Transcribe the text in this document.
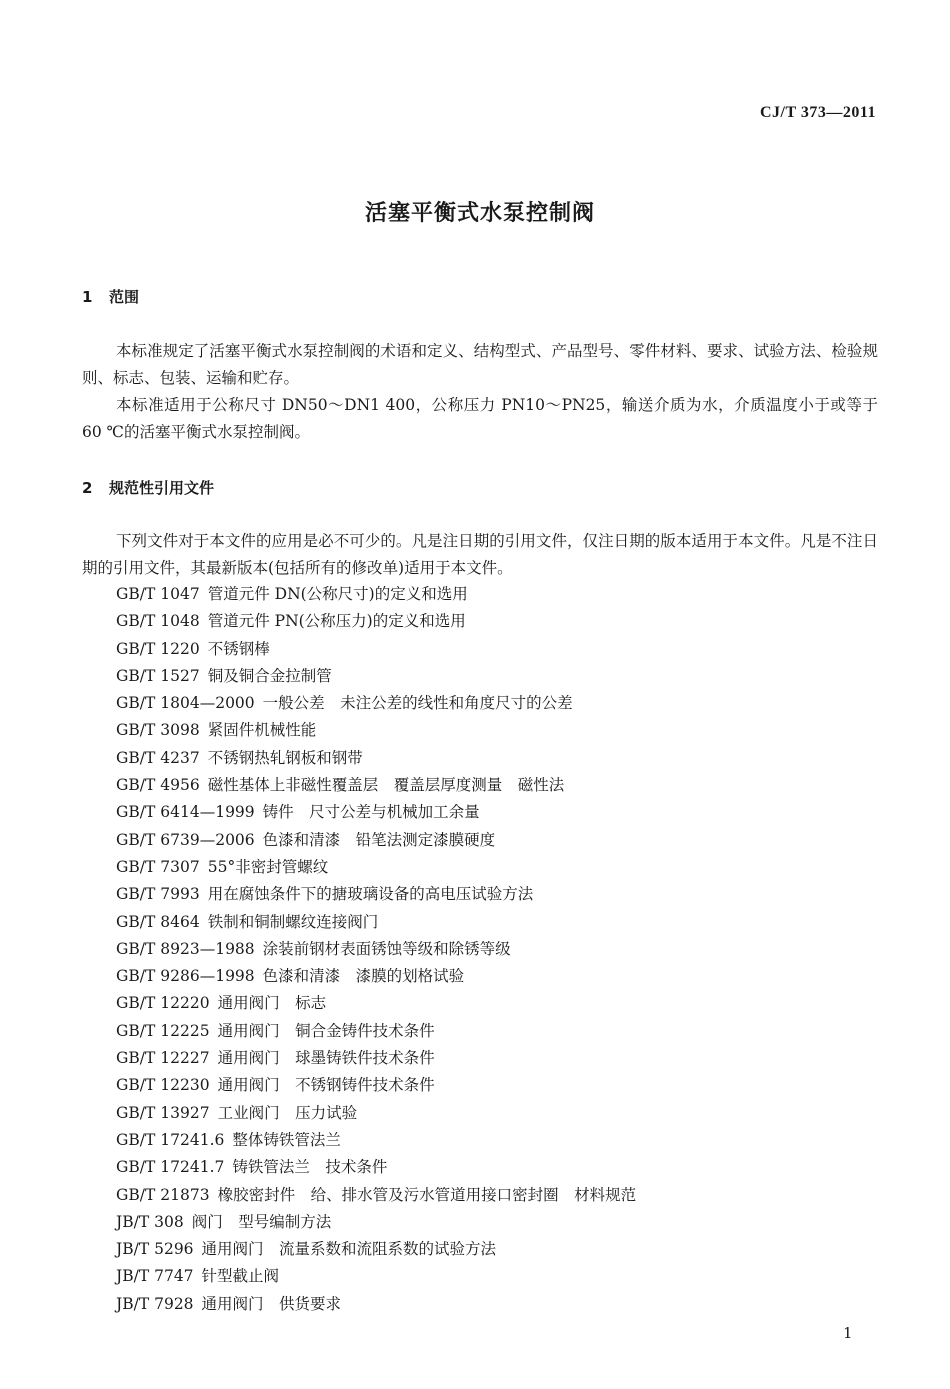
CJ/T 373—2011
活塞平衡式水泵控制阀
1 范围

本标准规定了活塞平衡式水泵控制阀的术语和定义、结构型式、产品型号、零件材料、要求、试验方法、检验规则、标志、包装、运输和贮存。

本标准适用于公称尺寸 DN50～DN1 400，公称压力 PN10～PN25，输送介质为水，介质温度小于或等于 60 ℃的活塞平衡式水泵控制阀。

2 规范性引用文件

下列文件对于本文件的应用是必不可少的。凡是注日期的引用文件，仅注日期的版本适用于本文件。凡是不注日期的引用文件，其最新版本(包括所有的修改单)适用于本文件。

GB/T 1047 管道元件 DN(公称尺寸)的定义和选用
GB/T 1048 管道元件 PN(公称压力)的定义和选用
GB/T 1220 不锈钢棒
GB/T 1527 铜及铜合金拉制管
GB/T 1804—2000 一般公差　未注公差的线性和角度尺寸的公差
GB/T 3098 紧固件机械性能
GB/T 4237 不锈钢热轧钢板和钢带
GB/T 4956 磁性基体上非磁性覆盖层　覆盖层厚度测量　磁性法
GB/T 6414—1999 铸件　尺寸公差与机械加工余量
GB/T 6739—2006 色漆和清漆　铅笔法测定漆膜硬度
GB/T 7307 55°非密封管螺纹
GB/T 7993 用在腐蚀条件下的搪玻璃设备的高电压试验方法
GB/T 8464 铁制和铜制螺纹连接阀门
GB/T 8923—1988 涂装前钢材表面锈蚀等级和除锈等级
GB/T 9286—1998 色漆和清漆　漆膜的划格试验
GB/T 12220 通用阀门　标志
GB/T 12225 通用阀门　铜合金铸件技术条件
GB/T 12227 通用阀门　球墨铸铁件技术条件
GB/T 12230 通用阀门　不锈钢铸件技术条件
GB/T 13927 工业阀门　压力试验
GB/T 17241.6 整体铸铁管法兰
GB/T 17241.7 铸铁管法兰　技术条件
GB/T 21873 橡胶密封件　给、排水管及污水管道用接口密封圈　材料规范
JB/T 308 阀门　型号编制方法
JB/T 5296 通用阀门　流量系数和流阻系数的试验方法
JB/T 7747 针型截止阀
JB/T 7928 通用阀门　供货要求
1
